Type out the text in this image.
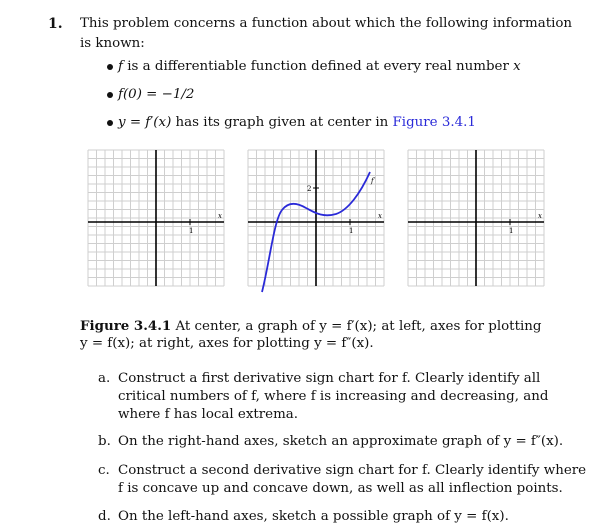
1. This problem concerns a function about which the following information
is known:
f is a differentiable function defined at every real number x
f(0) = −1/2
y = f′(x) has its graph given at center in Figure 3.4.1
1
x
1
2
x
f′
1
x
Figure 3.4.1 At center, a graph of y = f′(x); at left, axes for plotting
y = f(x); at right, axes for plotting y = f″(x).
a. Construct a first derivative sign chart for f. Clearly identify all
critical numbers of f, where f is increasing and decreasing, and
where f has local extrema.
b. On the right-hand axes, sketch an approximate graph of y = f″(x).
c. Construct a second derivative sign chart for f. Clearly identify where
f is concave up and concave down, as well as all inflection points.
d. On the left-hand axes, sketch a possible graph of y = f(x).
